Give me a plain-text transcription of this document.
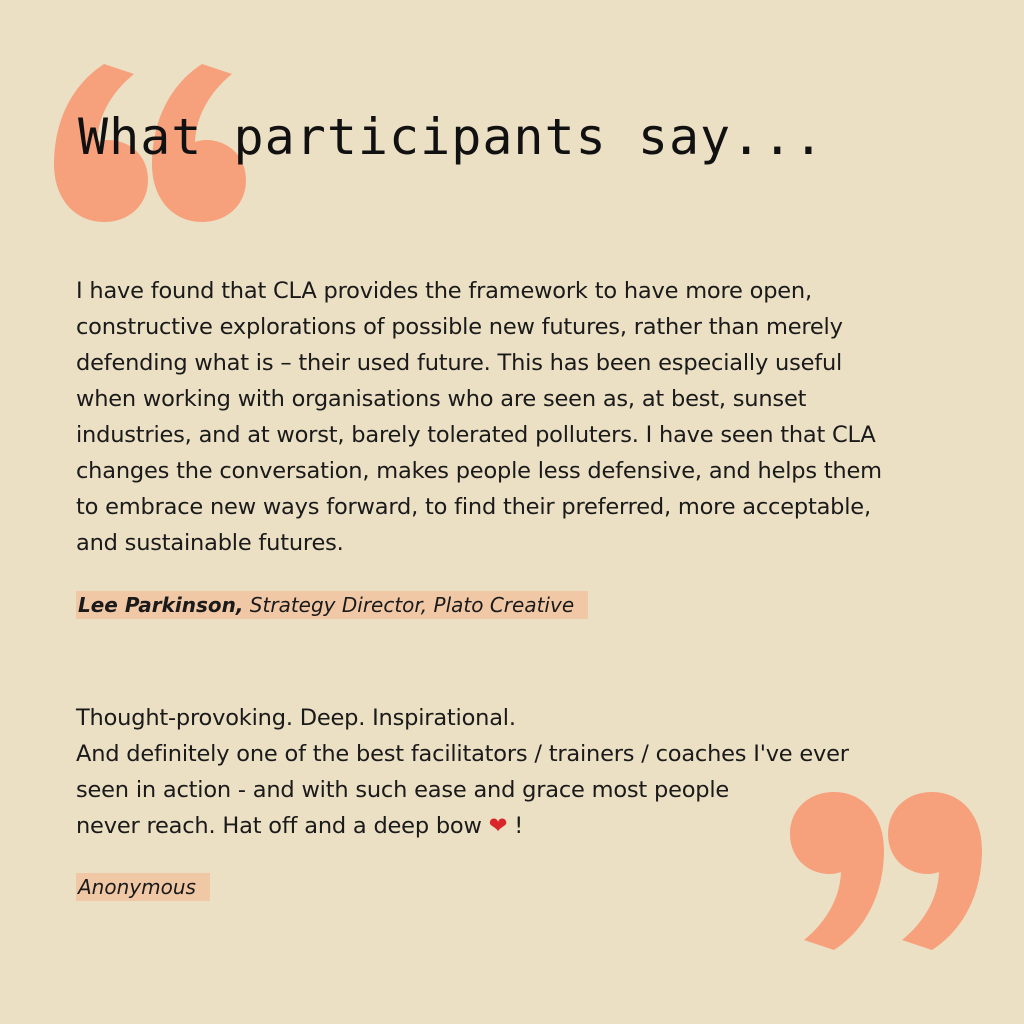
What participants say...

I have found that CLA provides the framework to have more open,
constructive explorations of possible new futures, rather than merely
defending what is – their used future. This has been especially useful
when working with organisations who are seen as, at best, sunset
industries, and at worst, barely tolerated polluters. I have seen that CLA
changes the conversation, makes people less defensive, and helps them
to embrace new ways forward, to find their preferred, more acceptable,
and sustainable futures.

Lee Parkinson, Strategy Director, Plato Creative

Thought-provoking. Deep. Inspirational.
And definitely one of the best facilitators / trainers / coaches I've ever
seen in action - and with such ease and grace most people
never reach. Hat off and a deep bow ❤ !

Anonymous
